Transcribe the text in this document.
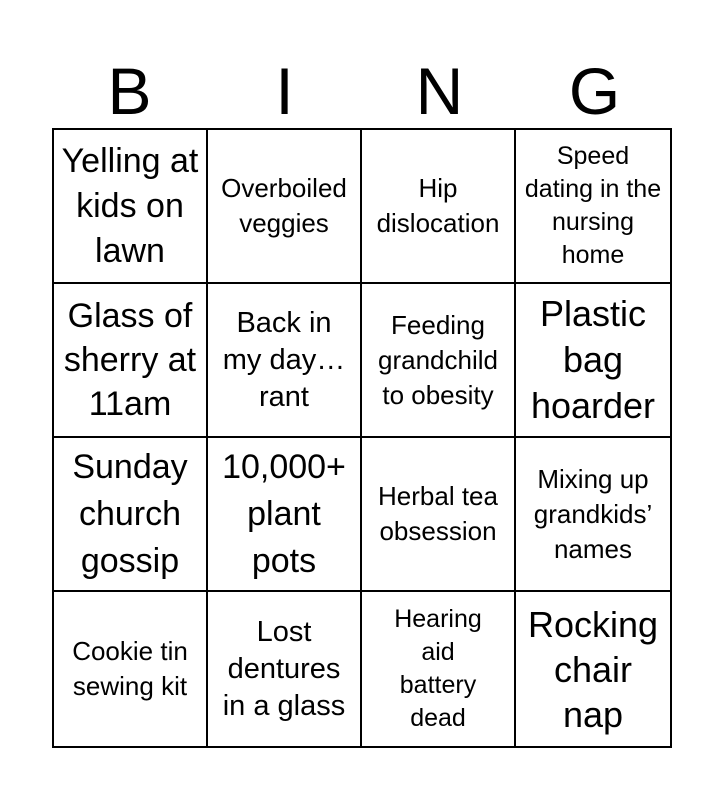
B	I	N	G
Yelling at kids on lawn
Overboiled veggies
Hip dislocation
Speed dating in the nursing home
Glass of sherry at 11am
Back in my day… rant
Feeding grandchild to obesity
Plastic bag hoarder
Sunday church gossip
10,000+ plant pots
Herbal tea obsession
Mixing up grandkids’ names
Cookie tin sewing kit
Lost dentures in a glass
Hearing aid battery dead
Rocking chair nap
